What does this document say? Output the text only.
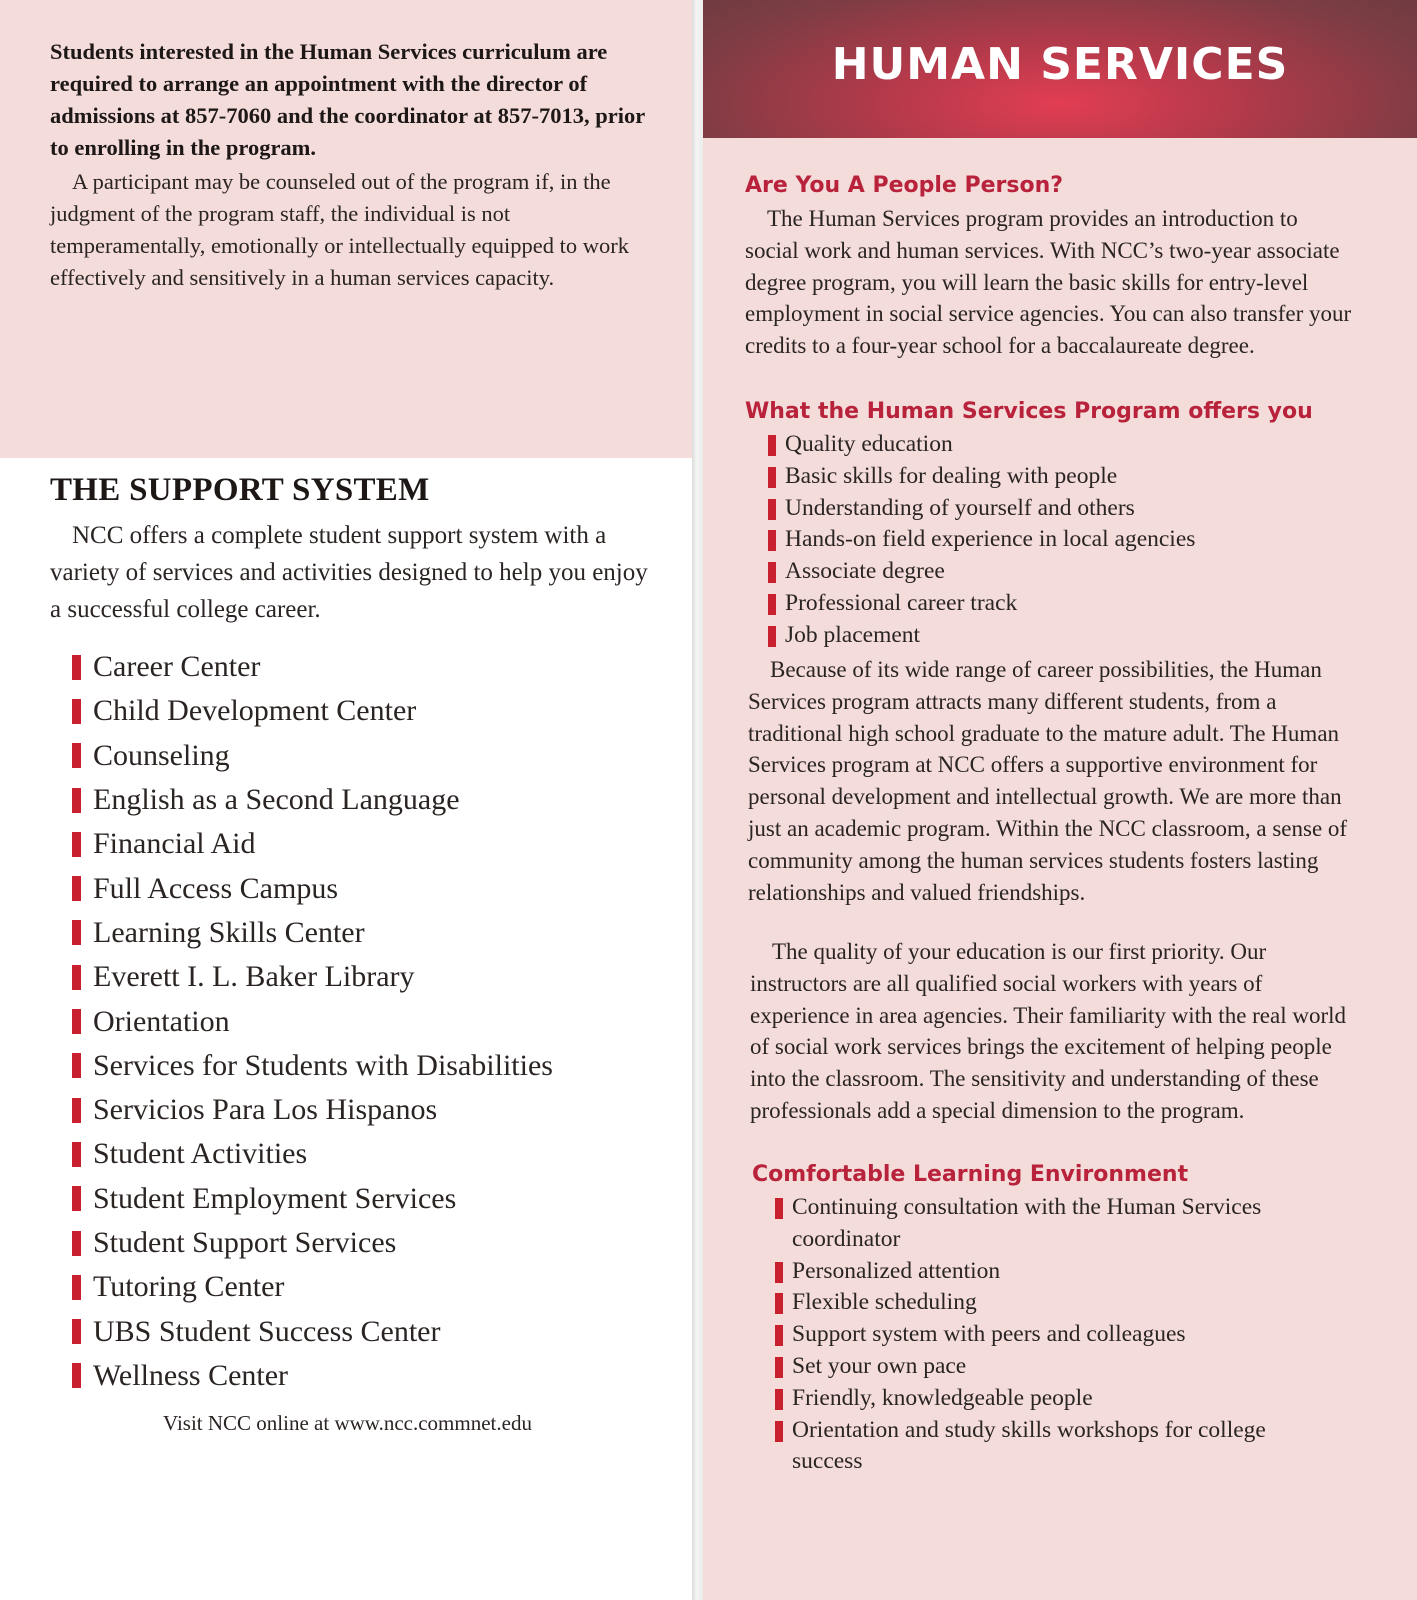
Students interested in the Human Services curriculum are required to arrange an appointment with the director of admissions at 857-7060 and the coordinator at 857-7013, prior to enrolling in the program.
A participant may be counseled out of the program if, in the judgment of the program staff, the individual is not temperamentally, emotionally or intellectually equipped to work effectively and sensitively in a human services capacity.
THE SUPPORT SYSTEM
NCC offers a complete student support system with a variety of services and activities designed to help you enjoy a successful college career.
Career Center
Child Development Center
Counseling
English as a Second Language
Financial Aid
Full Access Campus
Learning Skills Center
Everett I. L. Baker Library
Orientation
Services for Students with Disabilities
Servicios Para Los Hispanos
Student Activities
Student Employment Services
Student Support Services
Tutoring Center
UBS Student Success Center
Wellness Center
Visit NCC online at www.ncc.commnet.edu
HUMAN SERVICES
Are You A People Person?
The Human Services program provides an introduction to social work and human services. With NCC’s two-year associate degree program, you will learn the basic skills for entry-level employment in social service agencies. You can also transfer your credits to a four-year school for a baccalaureate degree.
What the Human Services Program offers you
Quality education
Basic skills for dealing with people
Understanding of yourself and others
Hands-on field experience in local agencies
Associate degree
Professional career track
Job placement
Because of its wide range of career possibilities, the Human Services program attracts many different students, from a traditional high school graduate to the mature adult. The Human Services program at NCC offers a supportive environment for personal development and intellectual growth. We are more than just an academic program. Within the NCC classroom, a sense of community among the human services students fosters lasting relationships and valued friendships.
The quality of your education is our first priority. Our instructors are all qualified social workers with years of experience in area agencies. Their familiarity with the real world of social work services brings the excitement of helping people into the classroom. The sensitivity and understanding of these professionals add a special dimension to the program.
Comfortable Learning Environment
Continuing consultation with the Human Services coordinator
Personalized attention
Flexible scheduling
Support system with peers and colleagues
Set your own pace
Friendly, knowledgeable people
Orientation and study skills workshops for college success
